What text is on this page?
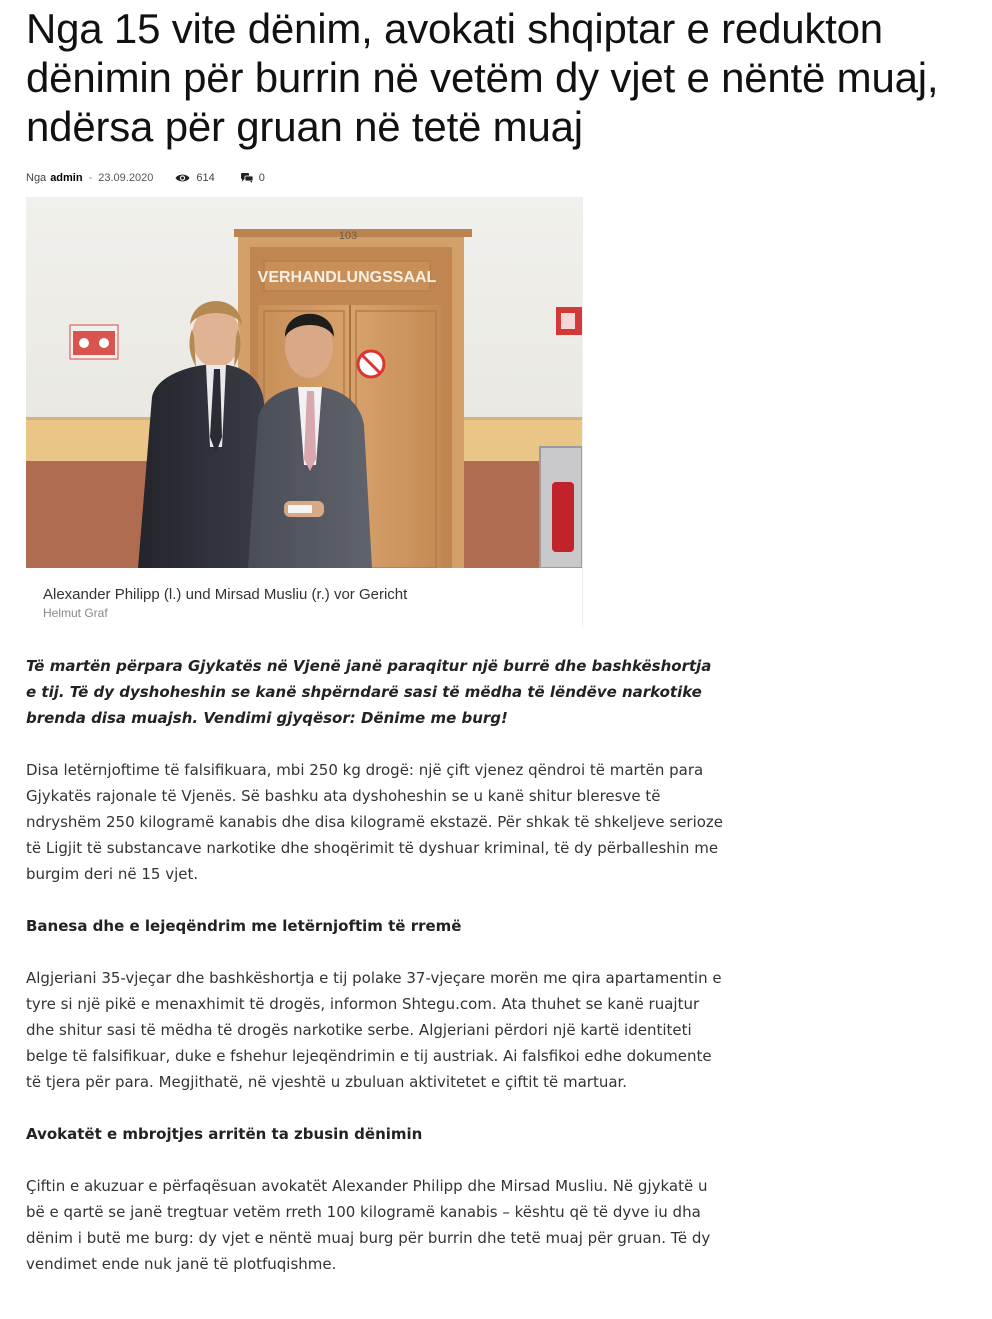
Nga 15 vite dënim, avokati shqiptar e redukton dënimin për burrin në vetëm dy vjet e nëntë muaj, ndërsa për gruan në tetë muaj
Nga admin - 23.09.2020	614	0
VERHANDLUNGSSAAL
103
Alexander Philipp (l.) und Mirsad Musliu (r.) vor Gericht
Helmut Graf

Të martën përpara Gjykatës në Vjenë janë paraqitur një burrë dhe bashkëshortja e tij. Të dy dyshoheshin se kanë shpërndarë sasi të mëdha të lëndëve narkotike brenda disa muajsh. Vendimi gjyqësor: Dënime me burg!

Disa letërnjoftime të falsifikuara, mbi 250 kg drogë: një çift vjenez qëndroi të martën para Gjykatës rajonale të Vjenës. Së bashku ata dyshoheshin se u kanë shitur bleresve të ndryshëm 250 kilogramë kanabis dhe disa kilogramë ekstazë. Për shkak të shkeljeve serioze të Ligjit të substancave narkotike dhe shoqërimit të dyshuar kriminal, të dy përballeshin me burgim deri në 15 vjet.

Banesa dhe e lejeqëndrim me letërnjoftim të rremë

Algjeriani 35-vjeçar dhe bashkëshortja e tij polake 37-vjeçare morën me qira apartamentin e tyre si një pikë e menaxhimit të drogës, informon Shtegu.com. Ata thuhet se kanë ruajtur dhe shitur sasi të mëdha të drogës narkotike serbe. Algjeriani përdori një kartë identiteti belge të falsifikuar, duke e fshehur lejeqëndrimin e tij austriak. Ai falsfikoi edhe dokumente të tjera për para. Megjithatë, në vjeshtë u zbuluan aktivitetet e çiftit të martuar.

Avokatët e mbrojtjes arritën ta zbusin dënimin

Çiftin e akuzuar e përfaqësuan avokatët Alexander Philipp dhe Mirsad Musliu. Në gjykatë u bë e qartë se janë tregtuar vetëm rreth 100 kilogramë kanabis – kështu që të dyve iu dha dënim i butë me burg: dy vjet e nëntë muaj burg për burrin dhe tetë muaj për gruan. Të dy vendimet ende nuk janë të plotfuqishme.
